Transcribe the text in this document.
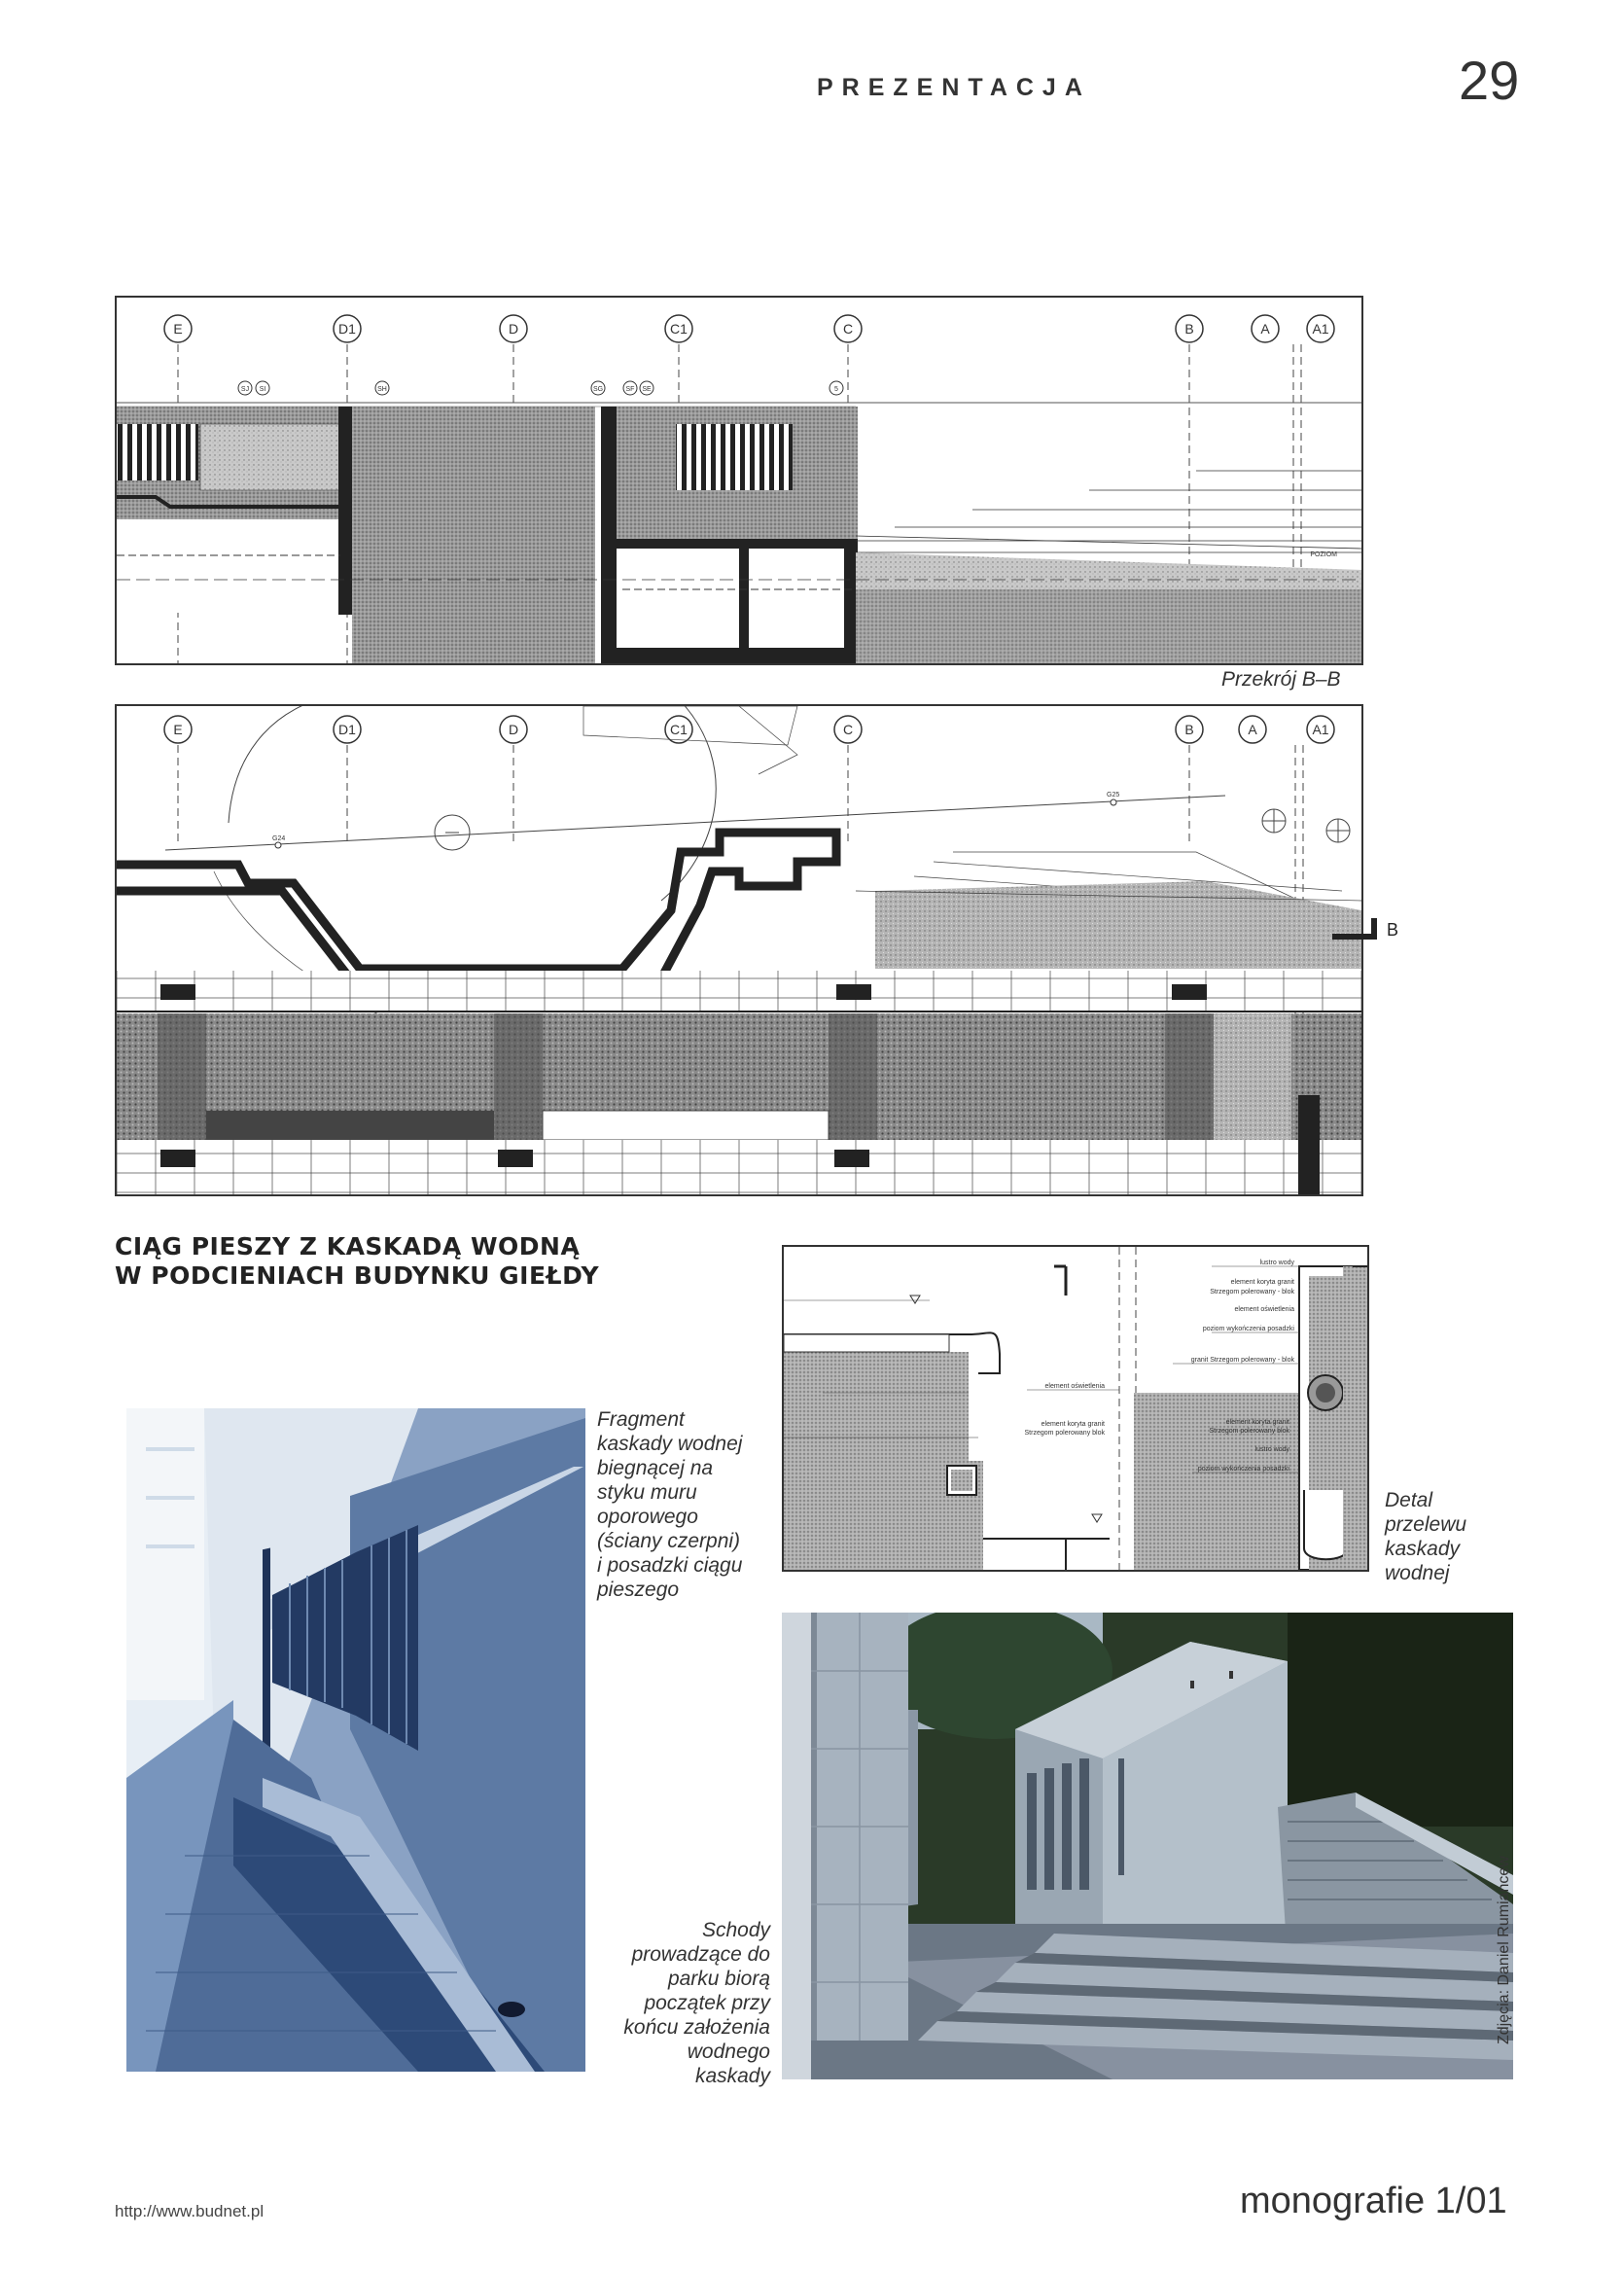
PREZENTACJA	29
E	D1	D	C1	C	B	A	A1
SJ SI	SH	SG	SF SE	5
POZIOM
Przekrój B–B
E	D1	D	C1	C	B	A	A1
G24
G25
B
CIĄG PIESZY Z KASKADĄ WODNĄ
W PODCIENIACH BUDYNKU GIEŁDY
Fragment
kaskady wodnej
biegnącej na
styku muru
oporowego
(ściany czerpni)
i posadzki ciągu
pieszego
lustro wody
element koryta granit
Strzegom polerowany - blok
element oświetlenia
poziom wykończenia posadzki
granit Strzegom polerowany - blok
element oświetlenia
element koryta granit
Strzegom polerowany blok
element koryta granit
Strzegom polerowany blok
lustro wody
poziom wykończenia posadzki
Detal
przelewu
kaskady
wodnej
Schody
prowadzące do
parku biorą
początek przy
końcu założenia
wodnego
kaskady
Zdjęcia: Daniel Rumiancew
http://www.budnet.pl	monografie 1/01
